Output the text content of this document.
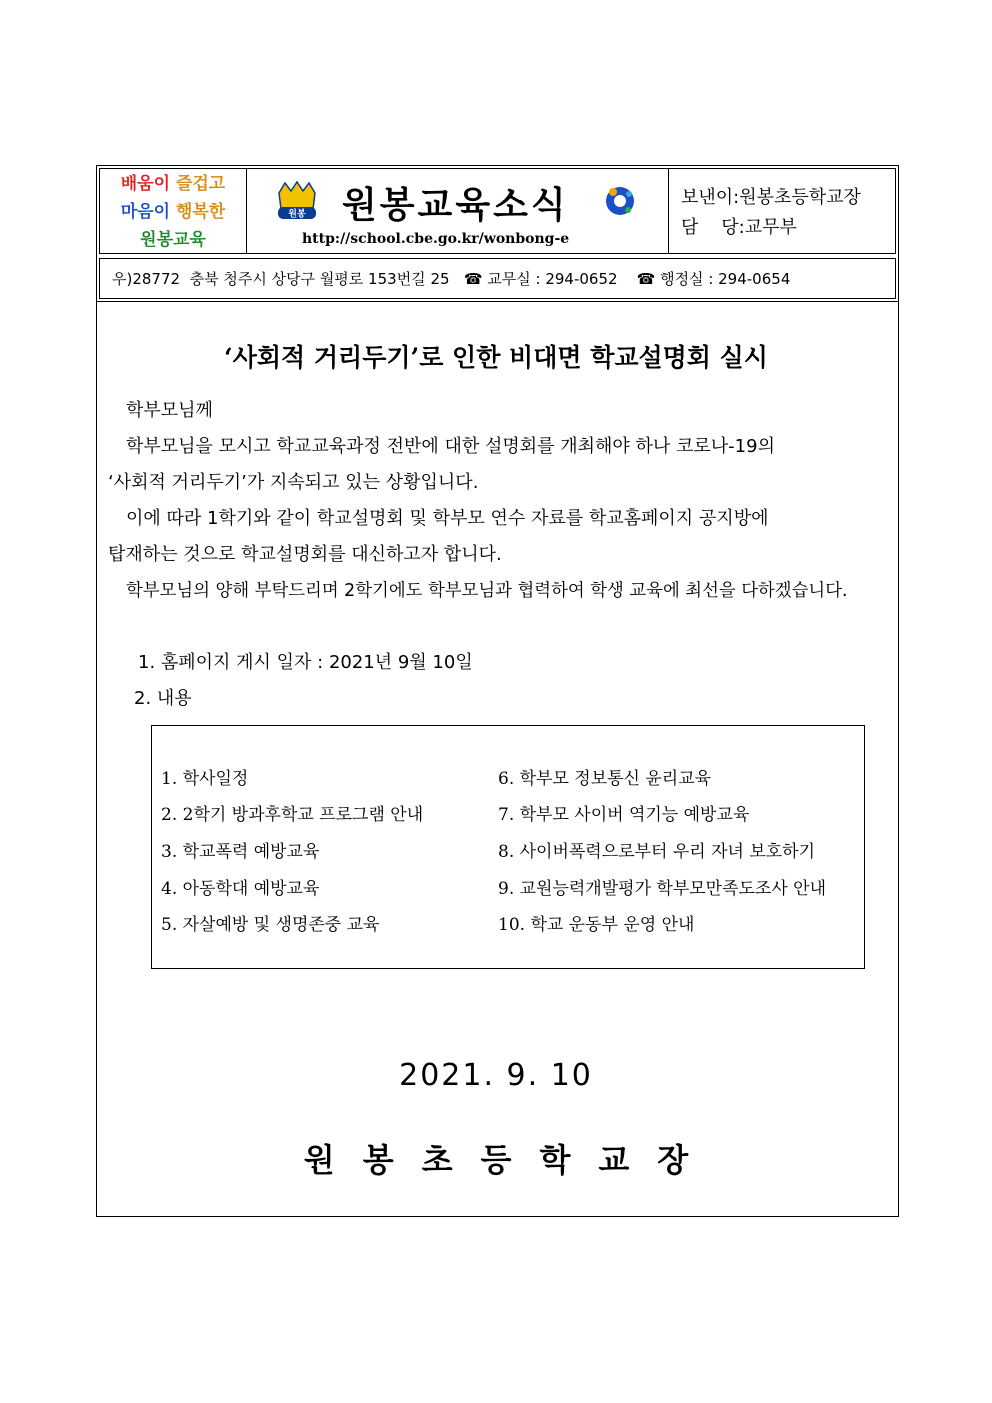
배움이 즐겁고
마음이 행복한
원봉교육
원봉 원봉교육소식
http://school.cbe.go.kr/wonbong-e
보낸이:원봉초등학교장
담    당:교무부
우)28772  충북 청주시 상당구 월평로 153번길 25   ☎ 교무실 : 294-0652    ☎ 행정실 : 294-0654
‘사회적 거리두기’로 인한 비대면 학교설명회 실시
학부모님께
학부모님을 모시고 학교교육과정 전반에 대한 설명회를 개최해야 하나 코로나-19의
‘사회적 거리두기’가 지속되고 있는 상황입니다.
이에 따라 1학기와 같이 학교설명회 및 학부모 연수 자료를 학교홈페이지 공지방에
탑재하는 것으로 학교설명회를 대신하고자 합니다.
학부모님의 양해 부탁드리며 2학기에도 학부모님과 협력하여 학생 교육에 최선을 다하겠습니다.
1. 홈페이지 게시 일자 : 2021년 9월 10일
2. 내용
1. 학사일정
2. 2학기 방과후학교 프로그램 안내
3. 학교폭력 예방교육
4. 아동학대 예방교육
5. 자살예방 및 생명존중 교육
6. 학부모 정보통신 윤리교육
7. 학부모 사이버 역기능 예방교육
8. 사이버폭력으로부터 우리 자녀 보호하기
9. 교원능력개발평가 학부모만족도조사 안내
10. 학교 운동부 운영 안내
2021. 9. 10
원봉초등학교장
